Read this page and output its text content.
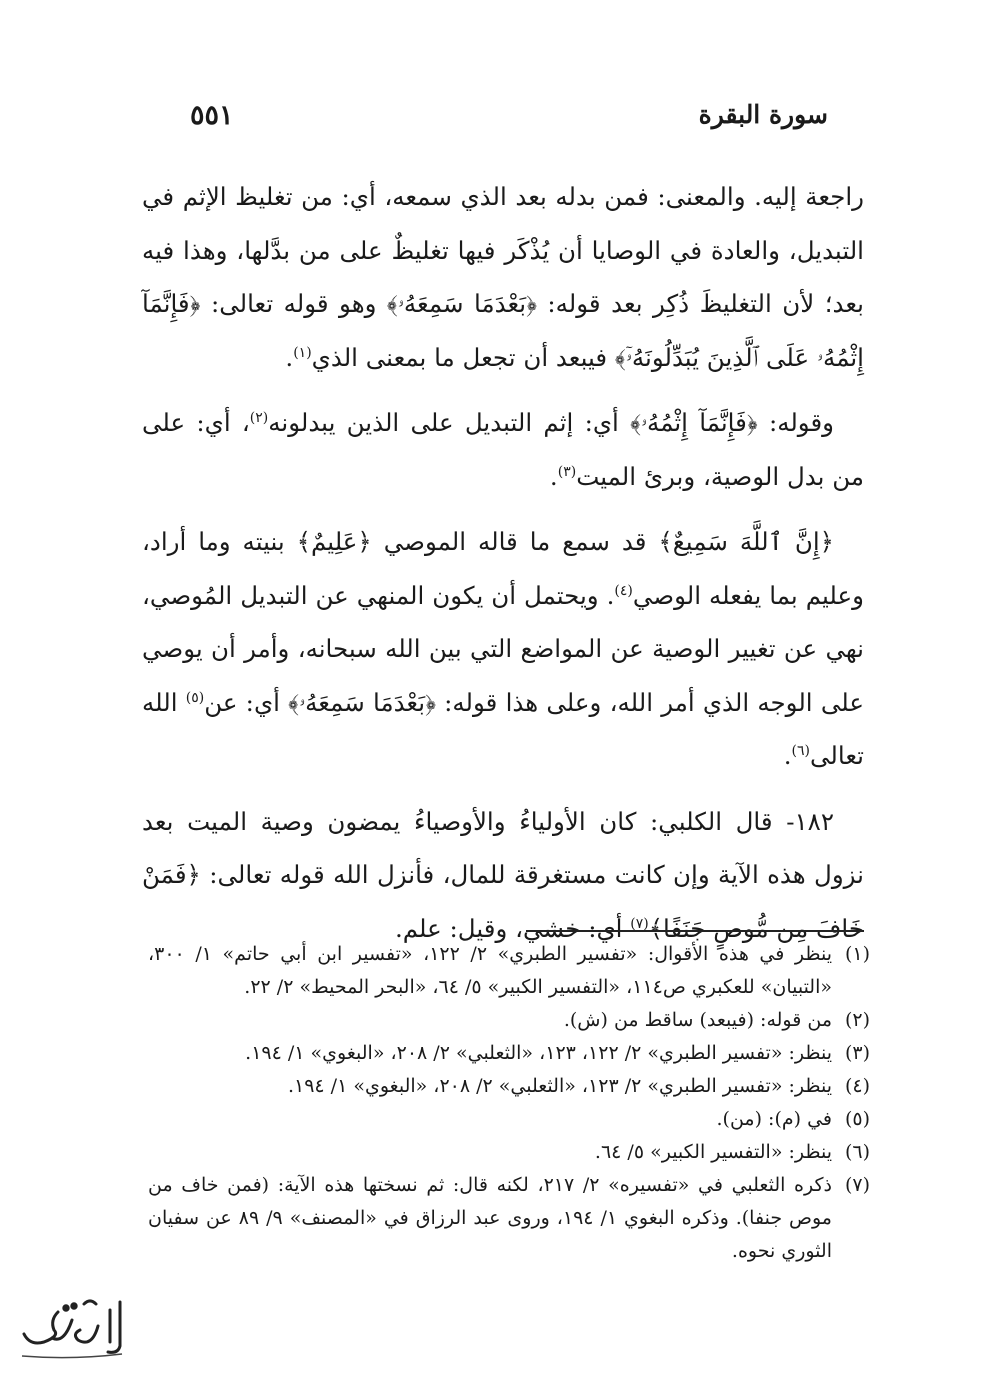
سورة البقرة
٥٥١

راجعة إليه. والمعنى: فمن بدله بعد الذي سمعه، أي: من تغليظ الإثم في التبديل، والعادة في الوصايا أن يُذْكَر فيها تغليظٌ على من بدَّلها، وهذا فيه بعد؛ لأن التغليظَ ذُكِر بعد قوله: ﴿بَعْدَمَا سَمِعَهُۥ﴾ وهو قوله تعالى: ﴿فَإِنَّمَآ إِثْمُهُۥ عَلَى ٱلَّذِينَ يُبَدِّلُونَهُۥٓ﴾ فيبعد أن تجعل ما بمعنى الذي$^{(١)}$.

وقوله: ﴿فَإِنَّمَآ إِثْمُهُۥ﴾ أي: إثم التبديل على الذين يبدلونه$^{(٢)}$، أي: على من بدل الوصية، وبرئ الميت$^{(٣)}$.

﴿إِنَّ ٱللَّهَ سَمِيعٌ﴾ قد سمع ما قاله الموصي ﴿عَلِيمٌ﴾ بنيته وما أراد، وعليم بما يفعله الوصي$^{(٤)}$. ويحتمل أن يكون المنهي عن التبديل المُوصي، نهي عن تغيير الوصية عن المواضع التي بين الله سبحانه، وأمر أن يوصي على الوجه الذي أمر الله، وعلى هذا قوله: ﴿بَعْدَمَا سَمِعَهُۥ﴾ أي: عن$^{(٥)}$ الله تعالى$^{(٦)}$.

١٨٢- قال الكلبي: كان الأولياءُ والأوصياءُ يمضون وصية الميت بعد نزول هذه الآية وإن كانت مستغرقة للمال، فأنزل الله قوله تعالى: ﴿فَمَنْ خَافَ مِن مُّوصٍ جَنَفًا﴾$^{(٧)}$ أي: خشي، وقيل: علم.

(١)
ينظر في هذه الأقوال: «تفسير الطبري» ٢/ ١٢٢، «تفسير ابن أبي حاتم» ١/ ٣٠٠، «التبيان» للعكبري ص١١٤، «التفسير الكبير» ٥/ ٦٤، «البحر المحيط» ٢/ ٢٢.
(٢)
من قوله: (فيبعد) ساقط من (ش).
(٣)
ينظر: «تفسير الطبري» ٢/ ١٢٢، ١٢٣، «الثعلبي» ٢/ ٢٠٨، «البغوي» ١/ ١٩٤.
(٤)
ينظر: «تفسير الطبري» ٢/ ١٢٣، «الثعلبي» ٢/ ٢٠٨، «البغوي» ١/ ١٩٤.
(٥)
في (م): (من).
(٦)
ينظر: «التفسير الكبير» ٥/ ٦٤.
(٧)
ذكره الثعلبي في «تفسيره» ٢/ ٢١٧، لكنه قال: ثم نسختها هذه الآية: (فمن خاف من موص جنفا). وذكره البغوي ١/ ١٩٤، وروى عبد الرزاق في «المصنف» ٩/ ٨٩ عن سفيان الثوري نحوه.
